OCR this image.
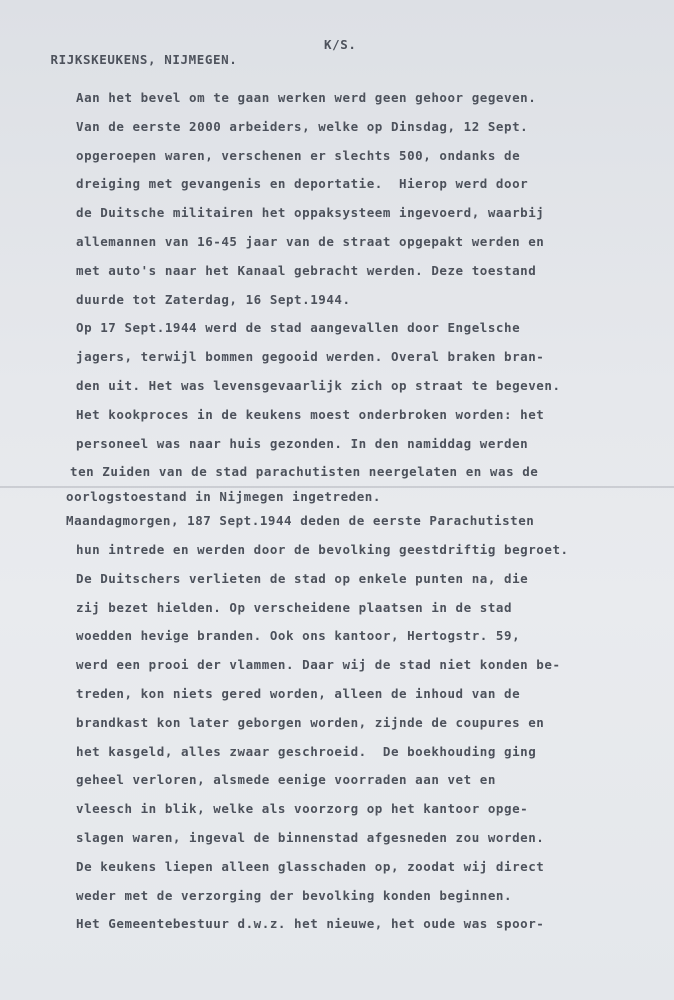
RIJKSKEUKENS, NIJMEGEN.

K/S.

Aan het bevel om te gaan werken werd geen gehoor gegeven.
Van de eerste 2000 arbeiders, welke op Dinsdag, 12 Sept.
opgeroepen waren, verschenen er slechts 500, ondanks de
dreiging met gevangenis en deportatie.  Hierop werd door
de Duitsche militairen het oppaksysteem ingevoerd, waarbij
allemannen van 16-45 jaar van de straat opgepakt werden en
met auto's naar het Kanaal gebracht werden. Deze toestand
duurde tot Zaterdag, 16 Sept.1944.
Op 17 Sept.1944 werd de stad aangevallen door Engelsche
jagers, terwijl bommen gegooid werden. Overal braken bran-
den uit. Het was levensgevaarlijk zich op straat te begeven.
Het kookproces in de keukens moest onderbroken worden: het
personeel was naar huis gezonden. In den namiddag werden
ten Zuiden van de stad parachutisten neergelaten en was de
oorlogstoestand in Nijmegen ingetreden.
Maandagmorgen, 187 Sept.1944 deden de eerste Parachutisten
hun intrede en werden door de bevolking geestdriftig begroet.
De Duitschers verlieten de stad op enkele punten na, die
zij bezet hielden. Op verscheidene plaatsen in de stad
woedden hevige branden. Ook ons kantoor, Hertogstr. 59,
werd een prooi der vlammen. Daar wij de stad niet konden be-
treden, kon niets gered worden, alleen de inhoud van de
brandkast kon later geborgen worden, zijnde de coupures en
het kasgeld, alles zwaar geschroeid.  De boekhouding ging
geheel verloren, alsmede eenige voorraden aan vet en
vleesch in blik, welke als voorzorg op het kantoor opge-
slagen waren, ingeval de binnenstad afgesneden zou worden.
De keukens liepen alleen glasschaden op, zoodat wij direct
weder met de verzorging der bevolking konden beginnen.
Het Gemeentebestuur d.w.z. het nieuwe, het oude was spoor-
